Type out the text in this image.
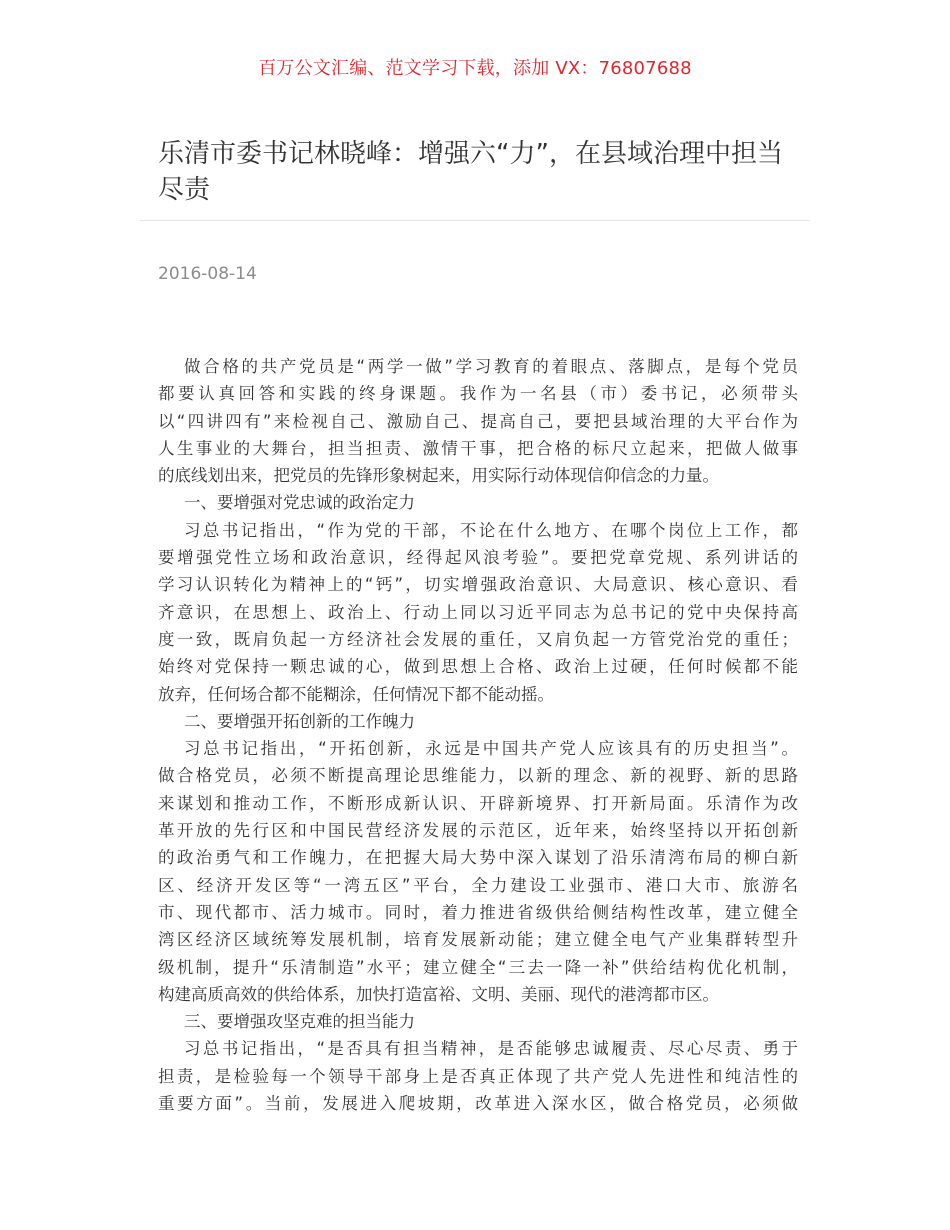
百万公文汇编、范文学习下载，添加 VX：76807688
乐清市委书记林晓峰：增强六“力”，在县域治理中担当
尽责
2016-08-14
做合格的共产党员是“两学一做”学习教育的着眼点、落脚点，是每个党员
都要认真回答和实践的终身课题。我作为一名县（市）委书记，必须带头
以“四讲四有”来检视自己、激励自己、提高自己，要把县域治理的大平台作为
人生事业的大舞台，担当担责、激情干事，把合格的标尺立起来，把做人做事
的底线划出来，把党员的先锋形象树起来，用实际行动体现信仰信念的力量。
一、要增强对党忠诚的政治定力
习总书记指出，“作为党的干部，不论在什么地方、在哪个岗位上工作，都
要增强党性立场和政治意识，经得起风浪考验”。要把党章党规、系列讲话的
学习认识转化为精神上的“钙”，切实增强政治意识、大局意识、核心意识、看
齐意识，在思想上、政治上、行动上同以习近平同志为总书记的党中央保持高
度一致，既肩负起一方经济社会发展的重任，又肩负起一方管党治党的重任；
始终对党保持一颗忠诚的心，做到思想上合格、政治上过硬，任何时候都不能
放弃，任何场合都不能糊涂，任何情况下都不能动摇。
二、要增强开拓创新的工作魄力
习总书记指出，“开拓创新，永远是中国共产党人应该具有的历史担当”。
做合格党员，必须不断提高理论思维能力，以新的理念、新的视野、新的思路
来谋划和推动工作，不断形成新认识、开辟新境界、打开新局面。乐清作为改
革开放的先行区和中国民营经济发展的示范区，近年来，始终坚持以开拓创新
的政治勇气和工作魄力，在把握大局大势中深入谋划了沿乐清湾布局的柳白新
区、经济开发区等“一湾五区”平台，全力建设工业强市、港口大市、旅游名
市、现代都市、活力城市。同时，着力推进省级供给侧结构性改革，建立健全
湾区经济区域统筹发展机制，培育发展新动能；建立健全电气产业集群转型升
级机制，提升“乐清制造”水平；建立健全“三去一降一补”供给结构优化机制，
构建高质高效的供给体系，加快打造富裕、文明、美丽、现代的港湾都市区。
三、要增强攻坚克难的担当能力
习总书记指出，“是否具有担当精神，是否能够忠诚履责、尽心尽责、勇于
担责，是检验每一个领导干部身上是否真正体现了共产党人先进性和纯洁性的
重要方面”。当前，发展进入爬坡期，改革进入深水区，做合格党员，必须做
